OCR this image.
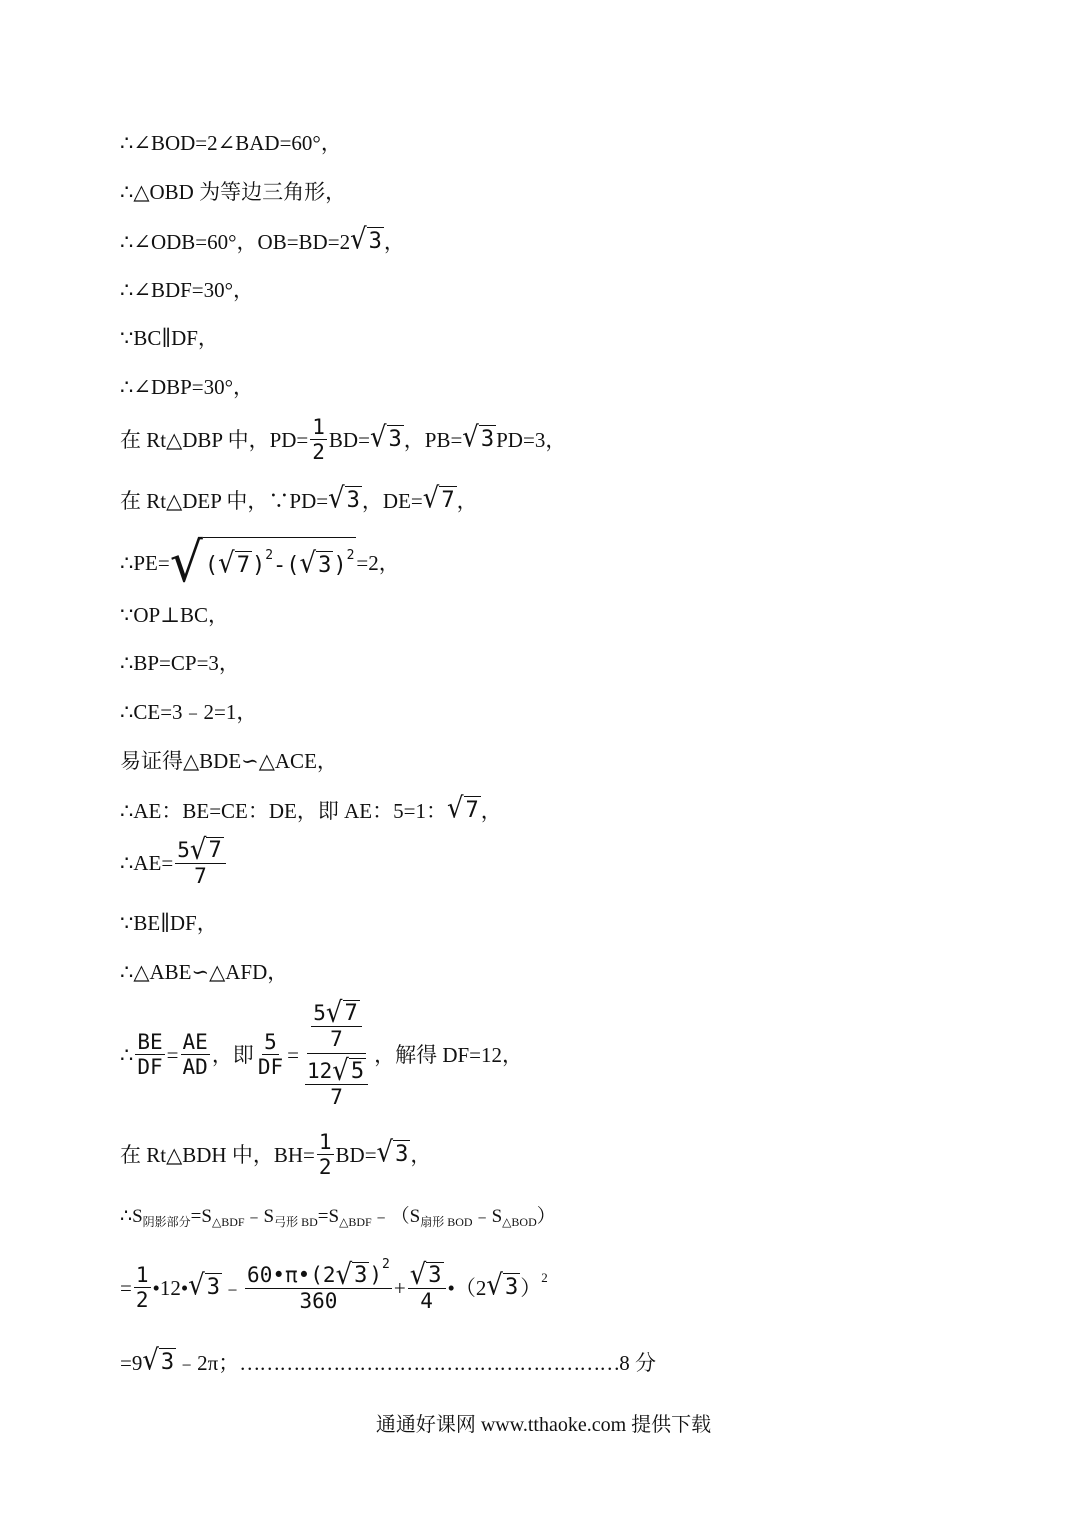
∴∠BOD=2∠BAD=60°，
∴△OBD 为等边三角形，
∴∠ODB=60°，OB=BD=2 √ 3 ，
∴∠BDF=30°，
∵BC∥DF，
∴∠DBP=30°，
在 Rt△DBP 中，$PD= \frac{1}{2} BD=$ √ 3 ，PB= √ 3 PD=3，
在 Rt△DEP 中，∵PD= √ 3 ，DE= √ 7 ，
∴PE= √ ( √ 7 ) 2 -( √ 3 ) 2 =2，
∵OP⊥BC，
∴BP=CP=3，
∴CE=3﹣2=1，
易证得△BDE∽△ACE，
∴AE：BE=CE：DE，即 AE：5=1： √ 7 ，
∴AE= $\frac{5 √ 7}{7}$
∵BE∥DF，
∴△ABE∽△AFD，
∴ $\frac{BE}{DF} = \frac{AE}{AD}$ ，即 $\frac{5}{DF} = \frac{\frac{5 √ 7}{7}}{\frac{12 √ 5}{7}}$ ，解得 DF=12，
在 Rt△BDH 中，$BH= \frac{1}{2} BD=$ √ 3 ，
∴S 阴影部分 =S △BDF ﹣S 弓形 BD =S △BDF ﹣（S 扇形 BOD ﹣S △BOD ）
= $\frac{1}{2}$ •12• √ 3 ﹣ $\frac{60•\pi•(2 √ 3 ) 2}{360} + \frac{√ 3}{4}$ •（2 √ 3 ） 2
=9 √ 3 ﹣2π； ………………………………………………… 8 分
通通好课网 www.tthaoke.com 提供下载
